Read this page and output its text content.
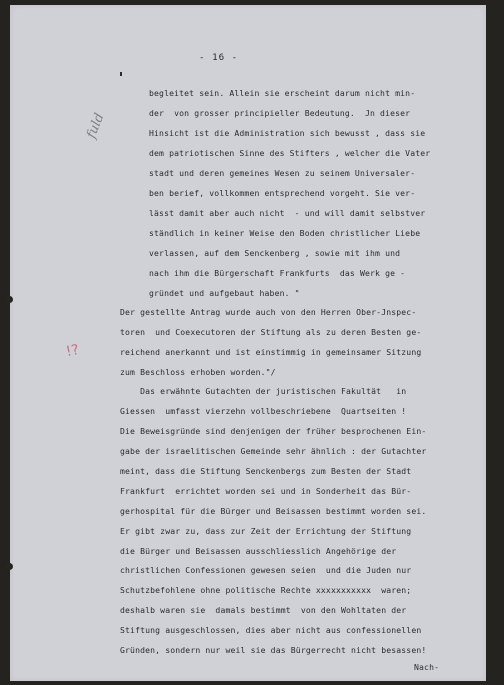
- 16 -
fuld
!?
begleitet sein. Allein sie erscheint darum nicht min-
der  von grosser principieller Bedeutung.  Jn dieser
Hinsicht ist die Administration sich bewusst , dass sie
dem patriotischen Sinne des Stifters , welcher die Vater
stadt und deren gemeines Wesen zu seinem Universaler-
ben berief, vollkommen entsprechend vorgeht. Sie ver-
lässt damit aber auch nicht  - und will damit selbstver
ständlich in keiner Weise den Boden christlicher Liebe
verlassen, auf dem Senckenberg , sowie mit ihm und
nach ihm die Bürgerschaft Frankfurts  das Werk ge -
gründet und aufgebaut haben. "
Der gestellte Antrag wurde auch von den Herren Ober-Jnspec-
toren  und Coexecutoren der Stiftung als zu deren Besten ge-
reichend anerkannt und ist einstimmig in gemeinsamer Sitzung
zum Beschloss erhoben worden."/
Das erwähnte Gutachten der juristischen Fakultät   in
Giessen  umfasst vierzehn vollbeschriebene  Quartseiten !
Die Beweisgründe sind denjenigen der früher besprochenen Ein-
gabe der israelitischen Gemeinde sehr ähnlich : der Gutachter
meint, dass die Stiftung Senckenbergs zum Besten der Stadt
Frankfurt  errichtet worden sei und in Sonderheit das Bür-
gerhospital für die Bürger und Beisassen bestimmt worden sei.
Er gibt zwar zu, dass zur Zeit der Errichtung der Stiftung
die Bürger und Beisassen ausschliesslich Angehörige der
christlichen Confessionen gewesen seien  und die Juden nur
Schutzbefohlene ohne politische Rechte xxxxxxxxxxx  waren;
deshalb waren sie  damals bestimmt  von den Wohltaten der
Stiftung ausgeschlossen, dies aber nicht aus confessionellen
Gründen, sondern nur weil sie das Bürgerrecht nicht besassen!
Nach-
